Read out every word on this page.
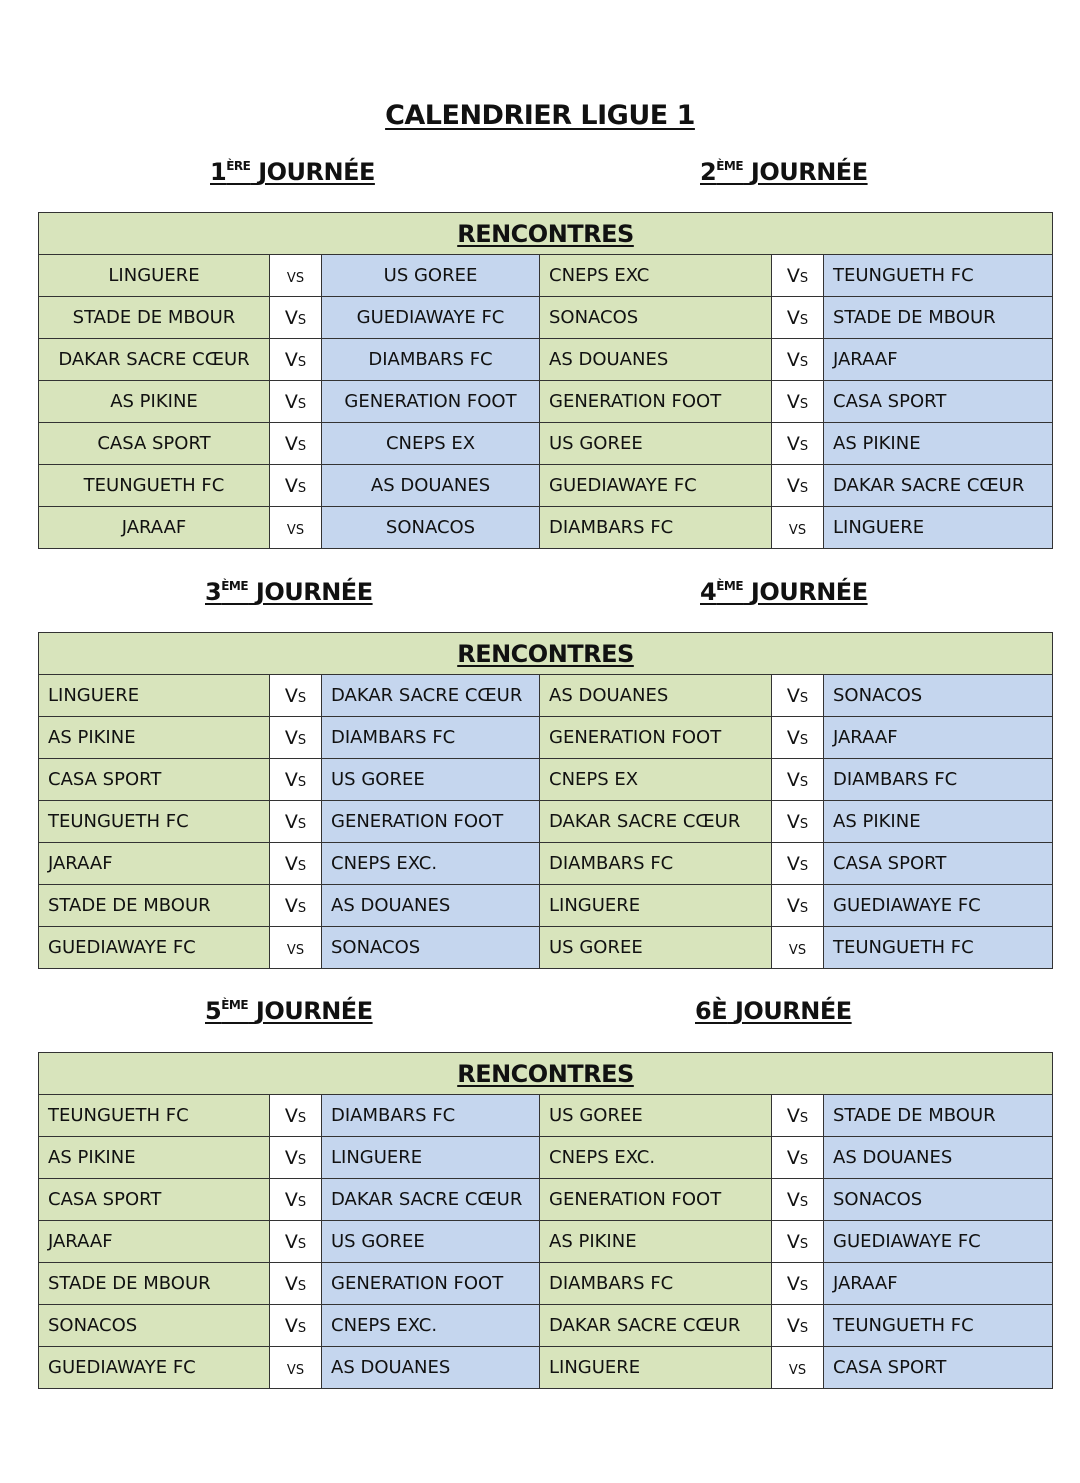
CALENDRIER LIGUE 1
1ÈRE JOURNÉE	2ÈME JOURNÉE
RENCONTRES					
LINGUERE	vs	US GOREE	CNEPS EXC	Vs	TEUNGUETH FC
STADE DE MBOUR	Vs	GUEDIAWAYE FC	SONACOS	Vs	STADE DE MBOUR
DAKAR SACRE CŒUR	Vs	DIAMBARS FC	AS DOUANES	Vs	JARAAF
AS PIKINE	Vs	GENERATION FOOT	GENERATION FOOT	Vs	CASA SPORT
CASA SPORT	Vs	CNEPS EX	US GOREE	Vs	AS PIKINE
TEUNGUETH FC	Vs	AS DOUANES	GUEDIAWAYE FC	Vs	DAKAR SACRE CŒUR
JARAAF	vs	SONACOS	DIAMBARS FC	vs	LINGUERE
3ÈME JOURNÉE	4ÈME JOURNÉE
RENCONTRES					
LINGUERE	Vs	DAKAR SACRE CŒUR	AS DOUANES	Vs	SONACOS
AS PIKINE	Vs	DIAMBARS FC	GENERATION FOOT	Vs	JARAAF
CASA SPORT	Vs	US GOREE	CNEPS EX	Vs	DIAMBARS FC
TEUNGUETH FC	Vs	GENERATION FOOT	DAKAR SACRE CŒUR	Vs	AS PIKINE
JARAAF	Vs	CNEPS EXC.	DIAMBARS FC	Vs	CASA SPORT
STADE DE MBOUR	Vs	AS DOUANES	LINGUERE	Vs	GUEDIAWAYE FC
GUEDIAWAYE FC	vs	SONACOS	US GOREE	vs	TEUNGUETH FC
5ÈME JOURNÉE	6È JOURNÉE
RENCONTRES					
TEUNGUETH FC	Vs	DIAMBARS FC	US GOREE	Vs	STADE DE MBOUR
AS PIKINE	Vs	LINGUERE	CNEPS EXC.	Vs	AS DOUANES
CASA SPORT	Vs	DAKAR SACRE CŒUR	GENERATION FOOT	Vs	SONACOS
JARAAF	Vs	US GOREE	AS PIKINE	Vs	GUEDIAWAYE FC
STADE DE MBOUR	Vs	GENERATION FOOT	DIAMBARS FC	Vs	JARAAF
SONACOS	Vs	CNEPS EXC.	DAKAR SACRE CŒUR	Vs	TEUNGUETH FC
GUEDIAWAYE FC	vs	AS DOUANES	LINGUERE	vs	CASA SPORT
